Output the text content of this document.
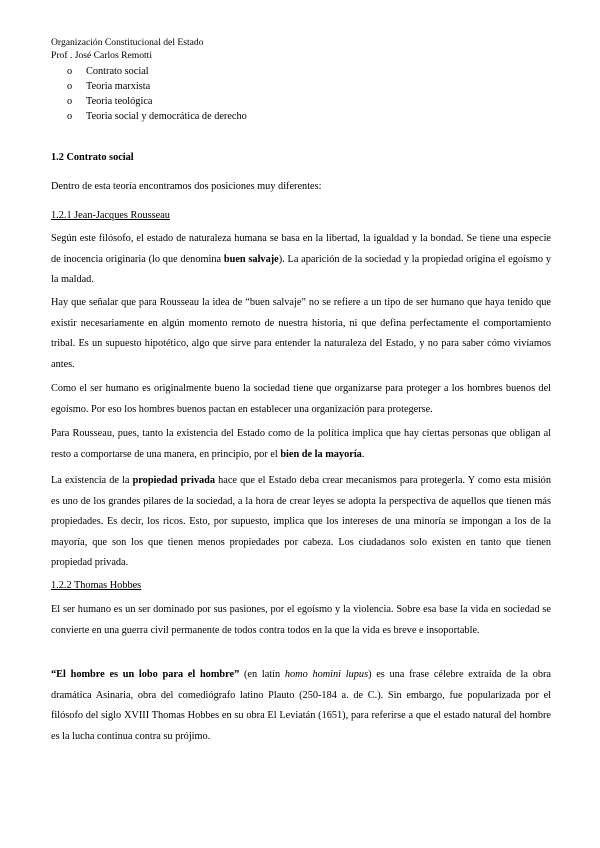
Organización Constitucional del Estado
Prof . José Carlos Remotti
o Contrato social
o Teoria marxista
o Teoria teológica
o Teoria social y democrática de derecho
1.2 Contrato social
Dentro de esta teoría encontramos dos posiciones muy diferentes:
1.2.1 Jean-Jacques Rousseau

Según este filósofo, el estado de naturaleza humana se basa en la libertad, la igualdad y la bondad. Se tiene una especie de inocencia originaria (lo que denomina buen salvaje). La aparición de la sociedad y la propiedad origina el egoísmo y la maldad.

Hay que señalar que para Rousseau la idea de “buen salvaje” no se refiere a un tipo de ser humano que haya tenido que existir necesariamente en algún momento remoto de nuestra historia, ni que defina perfectamente el comportamiento tribal. Es un supuesto hipotético, algo que sirve para entender la naturaleza del Estado, y no para saber cómo vivíamos antes.

Como el ser humano es originalmente bueno la sociedad tiene que organizarse para proteger a los hombres buenos del egoísmo. Por eso los hombres buenos pactan en establecer una organización para protegerse.

Para Rousseau, pues, tanto la existencia del Estado como de la política implica que hay ciertas personas que obligan al resto a comportarse de una manera, en principio, por el bien de la mayoría.

La existencia de la propiedad privada hace que el Estado deba crear mecanismos para protegerla. Y como esta misión es uno de los grandes pilares de la sociedad, a la hora de crear leyes se adopta la perspectiva de aquellos que tienen más propiedades. Es decir, los ricos. Esto, por supuesto, implica que los intereses de una minoría se impongan a los de la mayoría, que son los que tienen menos propiedades por cabeza. Los ciudadanos solo existen en tanto que tienen propiedad privada.

1.2.2 Thomas Hobbes

El ser humano es un ser dominado por sus pasiones, por el egoísmo y la violencia. Sobre esa base la vida en sociedad se convierte en una guerra civil permanente de todos contra todos en la que la vida es breve e insoportable.

“El hombre es un lobo para el hombre” (en latín homo homini lupus) es una frase célebre extraída de la obra dramática Asinaria, obra del comediógrafo latino Plauto (250-184 a. de C.). Sin embargo, fue popularizada por el filósofo del siglo XVIII Thomas Hobbes en su obra El Leviatán (1651), para referirse a que el estado natural del hombre es la lucha continua contra su prójimo.
